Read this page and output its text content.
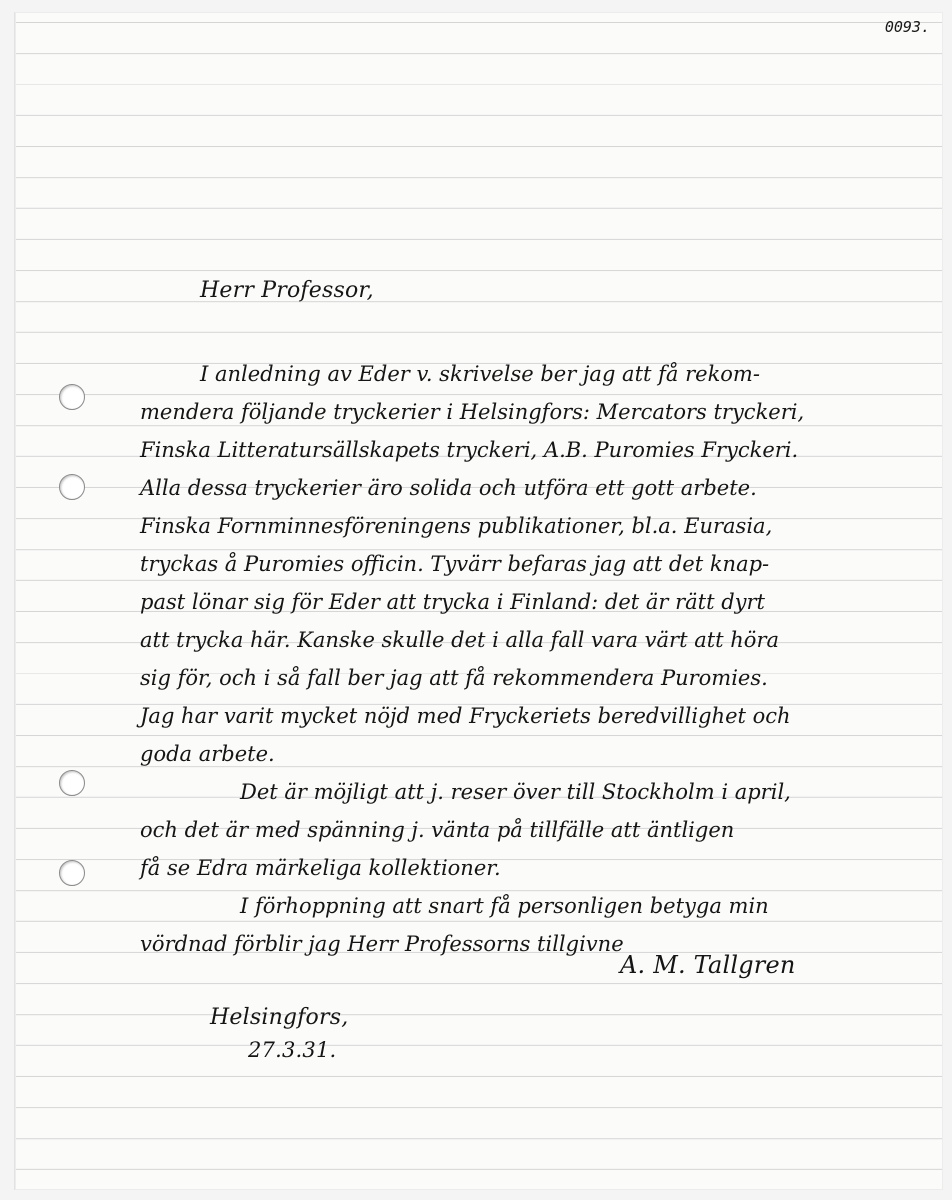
0093.
Herr Professor,
I anledning av Eder v. skrivelse ber jag att få rekom-
mendera följande tryckerier i Helsingfors: Mercators tryckeri,
Finska Litteratursällskapets tryckeri, A.B. Puromies Fryckeri.
Alla dessa tryckerier äro solida och utföra ett gott arbete.
Finska Fornminnesföreningens publikationer, bl.a. Eurasia,
tryckas å Puromies officin. Tyvärr befaras jag att det knap-
past lönar sig för Eder att trycka i Finland: det är rätt dyrt
att trycka här. Kanske skulle det i alla fall vara värt att höra
sig för, och i så fall ber jag att få rekommendera Puromies.
Jag har varit mycket nöjd med Fryckeriets beredvillighet och
goda arbete.
Det är möjligt att j. reser över till Stockholm i april,
och det är med spänning j. vänta på tillfälle att äntligen
få se Edra märkeliga kollektioner.
I förhoppning att snart få personligen betyga min
vördnad förblir jag Herr Professorns tillgivne
A. M. Tallgren
Helsingfors,
27.3.31.
